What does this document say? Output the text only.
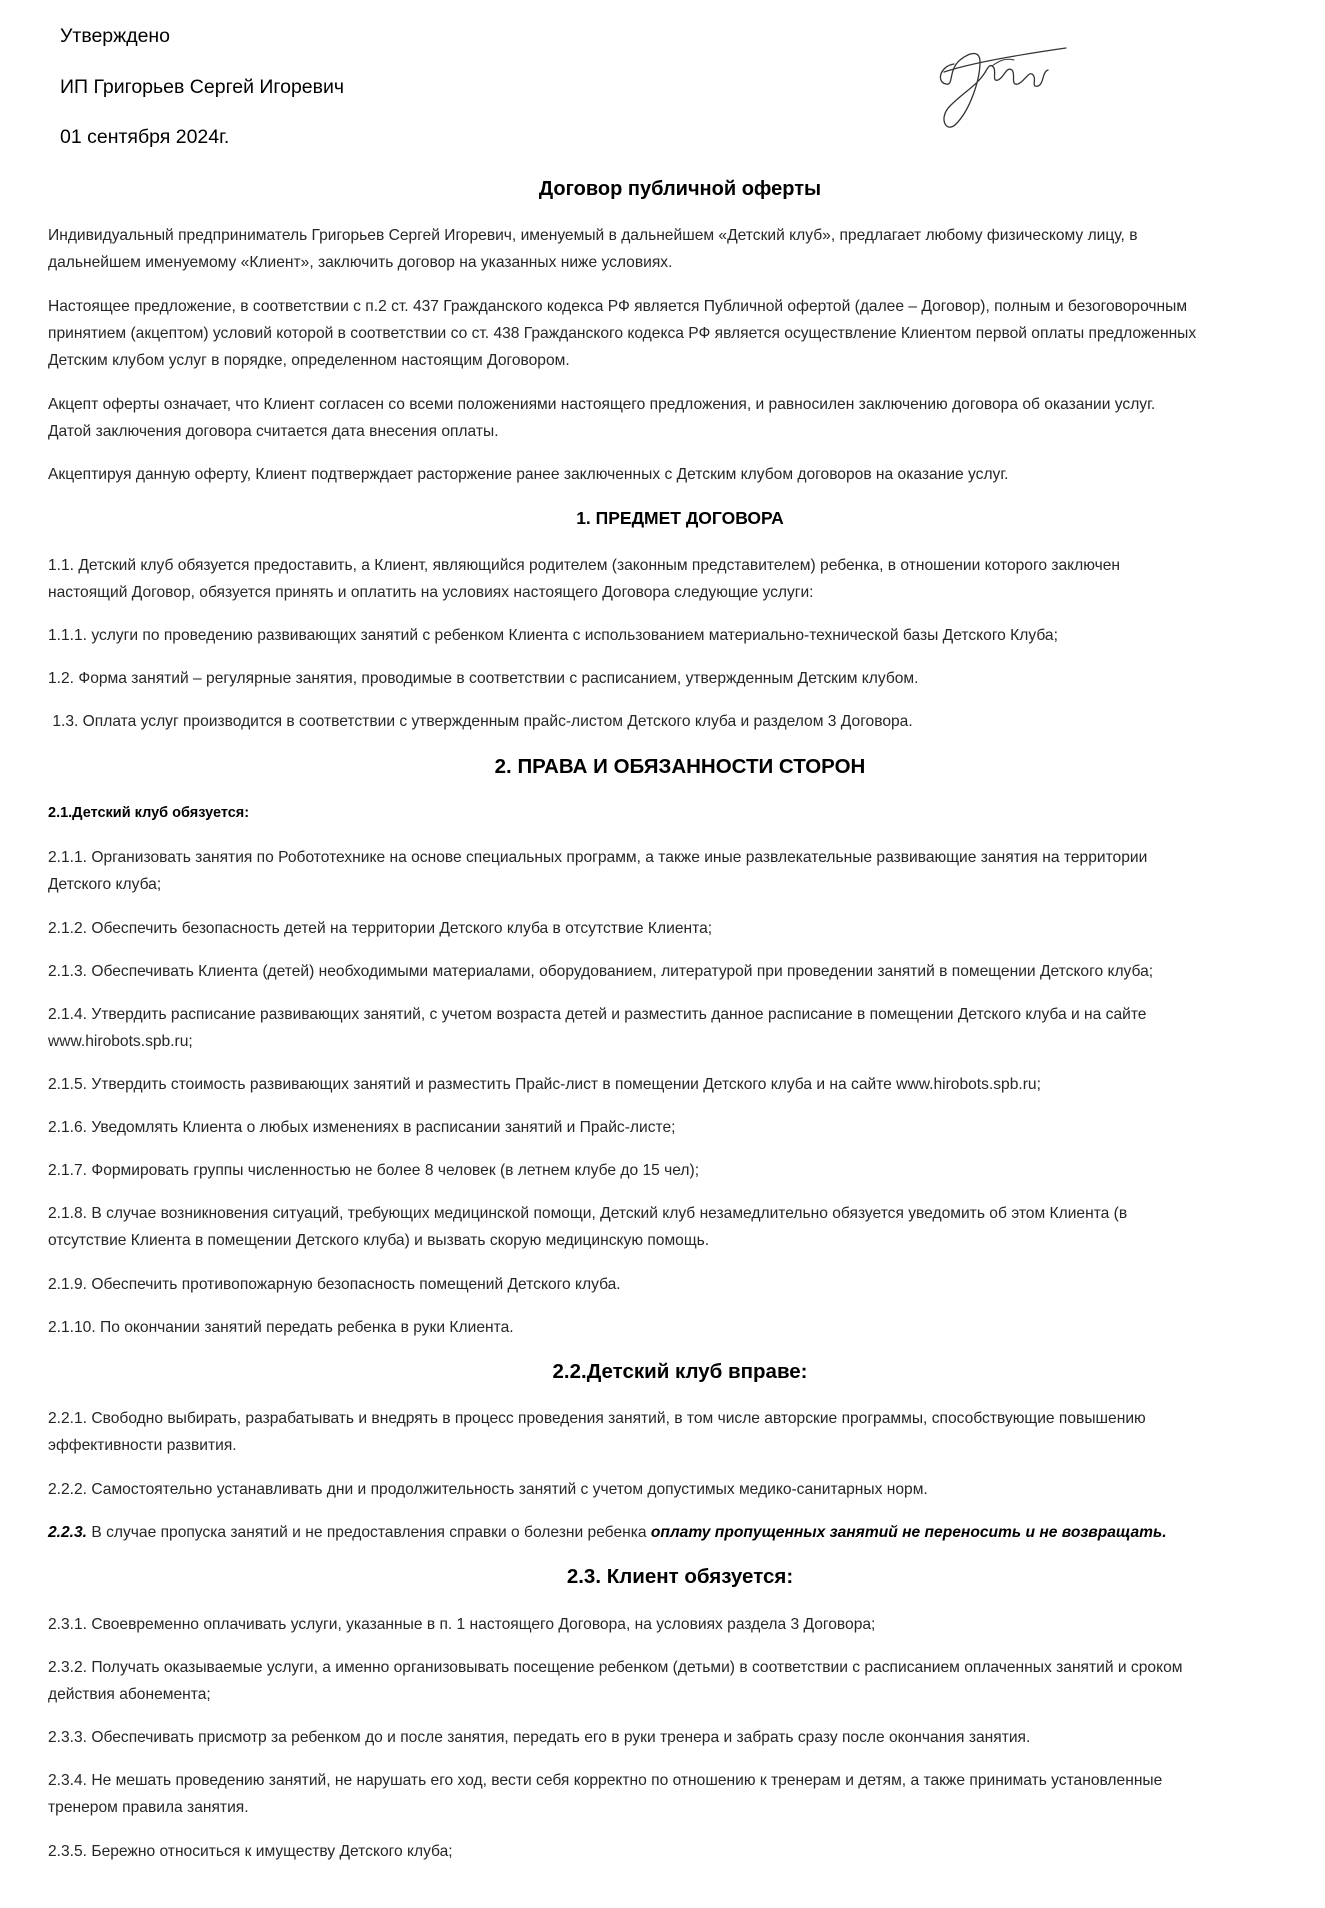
Утверждено
ИП Григорьев Сергей Игоревич
01 сентября 2024г.
Договор публичной оферты
Индивидуальный предприниматель Григорьев Сергей Игоревич, именуемый в дальнейшем «Детский клуб», предлагает любому физическому лицу, в
дальнейшем именуемому «Клиент», заключить договор на указанных ниже условиях.
Настоящее предложение, в соответствии с п.2 ст. 437 Гражданского кодекса РФ является Публичной офертой (далее – Договор), полным и безоговорочным
принятием (акцептом) условий которой в соответствии со ст. 438 Гражданского кодекса РФ является осуществление Клиентом первой оплаты предложенных
Детским клубом услуг в порядке, определенном настоящим Договором.
Акцепт оферты означает, что Клиент согласен со всеми положениями настоящего предложения, и равносилен заключению договора об оказании услуг.
Датой заключения договора считается дата внесения оплаты.
Акцептируя данную оферту, Клиент подтверждает расторжение ранее заключенных с Детским клубом договоров на оказание услуг.
1. ПРЕДМЕТ ДОГОВОРА
1.1. Детский клуб обязуется предоставить, а Клиент, являющийся родителем (законным представителем) ребенка, в отношении которого заключен
настоящий Договор, обязуется принять и оплатить на условиях настоящего Договора следующие услуги:
1.1.1. услуги по проведению развивающих занятий с ребенком Клиента с использованием материально-технической базы Детского Клуба;
1.2. Форма занятий – регулярные занятия, проводимые в соответствии с расписанием, утвержденным Детским клубом.
1.3. Оплата услуг производится в соответствии с утвержденным прайс-листом Детского клуба и разделом 3 Договора.
2. ПРАВА И ОБЯЗАННОСТИ СТОРОН
2.1.Детский клуб обязуется:
2.1.1. Организовать занятия по Робототехнике на основе специальных программ, а также иные развлекательные развивающие занятия на территории
Детского клуба;
2.1.2. Обеспечить безопасность детей на территории Детского клуба в отсутствие Клиента;
2.1.3. Обеспечивать Клиента (детей) необходимыми материалами, оборудованием, литературой при проведении занятий в помещении Детского клуба;
2.1.4. Утвердить расписание развивающих занятий, с учетом возраста детей и разместить данное расписание в помещении Детского клуба и на сайте
www.hirobots.spb.ru;
2.1.5. Утвердить стоимость развивающих занятий и разместить Прайс-лист в помещении Детского клуба и на сайте www.hirobots.spb.ru;
2.1.6. Уведомлять Клиента о любых изменениях в расписании занятий и Прайс-листе;
2.1.7. Формировать группы численностью не более 8 человек (в летнем клубе до 15 чел);
2.1.8. В случае возникновения ситуаций, требующих медицинской помощи, Детский клуб незамедлительно обязуется уведомить об этом Клиента (в
отсутствие Клиента в помещении Детского клуба) и вызвать скорую медицинскую помощь.
2.1.9. Обеспечить противопожарную безопасность помещений Детского клуба.
2.1.10. По окончании занятий передать ребенка в руки Клиента.
2.2.Детский клуб вправе:
2.2.1. Свободно выбирать, разрабатывать и внедрять в процесс проведения занятий, в том числе авторские программы, способствующие повышению
эффективности развития.
2.2.2. Самостоятельно устанавливать дни и продолжительность занятий с учетом допустимых медико-санитарных норм.
2.2.3. В случае пропуска занятий и не предоставления справки о болезни ребенка оплату пропущенных занятий не переносить и не возвращать.
2.3. Клиент обязуется:
2.3.1. Своевременно оплачивать услуги, указанные в п. 1 настоящего Договора, на условиях раздела 3 Договора;
2.3.2. Получать оказываемые услуги, а именно организовывать посещение ребенком (детьми) в соответствии с расписанием оплаченных занятий и сроком
действия абонемента;
2.3.3. Обеспечивать присмотр за ребенком до и после занятия, передать его в руки тренера и забрать сразу после окончания занятия.
2.3.4. Не мешать проведению занятий, не нарушать его ход, вести себя корректно по отношению к тренерам и детям, а также принимать установленные
тренером правила занятия.
2.3.5. Бережно относиться к имуществу Детского клуба;
